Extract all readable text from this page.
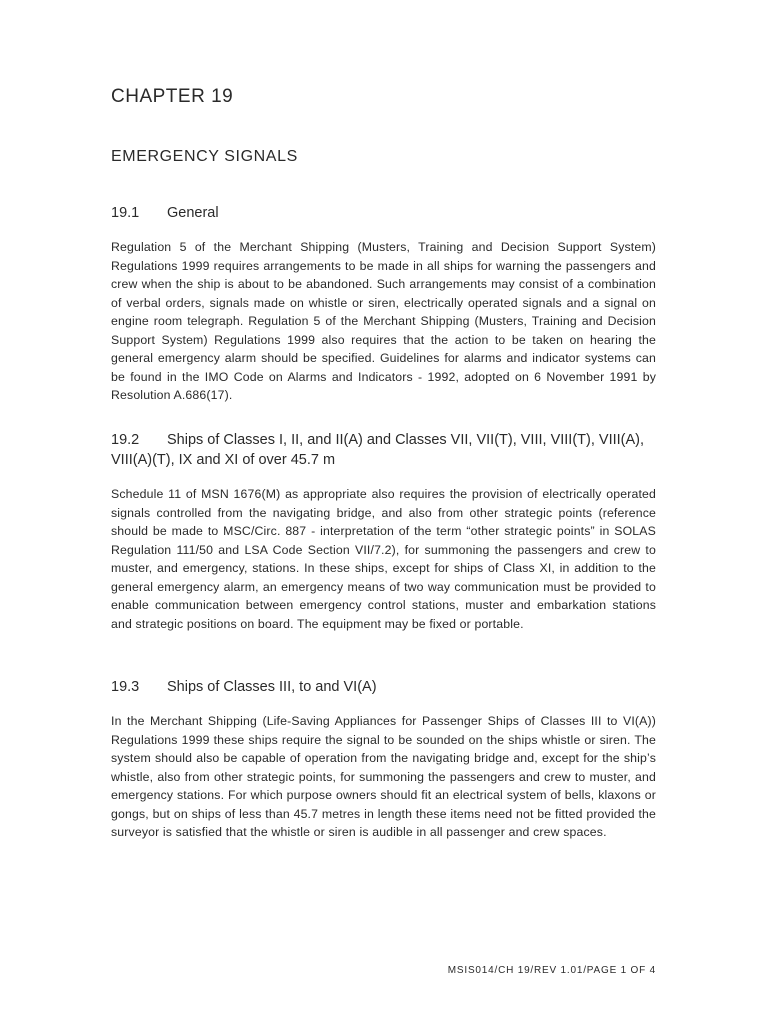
CHAPTER 19
EMERGENCY SIGNALS
19.1 General

Regulation 5 of the Merchant Shipping (Musters, Training and Decision Support System) Regulations 1999 requires arrangements to be made in all ships for warning the passengers and crew when the ship is about to be abandoned. Such arrangements may consist of a combination of verbal orders, signals made on whistle or siren, electrically operated signals and a signal on engine room telegraph. Regulation 5 of the Merchant Shipping (Musters, Training and Decision Support System) Regulations 1999 also requires that the action to be taken on hearing the general emergency alarm should be specified. Guidelines for alarms and indicator systems can be found in the IMO Code on Alarms and Indicators - 1992, adopted on 6 November 1991 by Resolution A.686(17).

19.2 Ships of Classes I, II, and II(A) and Classes VII, VII(T), VIII, VIII(T), VIII(A), VIII(A)(T), IX and XI of over 45.7 m

Schedule 11 of MSN 1676(M) as appropriate also requires the provision of electrically operated signals controlled from the navigating bridge, and also from other strategic points (reference should be made to MSC/Circ. 887 - interpretation of the term “other strategic points” in SOLAS Regulation 111/50 and LSA Code Section VII/7.2), for summoning the passengers and crew to muster, and emergency, stations. In these ships, except for ships of Class XI, in addition to the general emergency alarm, an emergency means of two way communication must be provided to enable communication between emergency control stations, muster and embarkation stations and strategic positions on board. The equipment may be fixed or portable.

19.3 Ships of Classes III, to and VI(A)

In the Merchant Shipping (Life-Saving Appliances for Passenger Ships of Classes III to VI(A)) Regulations 1999 these ships require the signal to be sounded on the ships whistle or siren. The system should also be capable of operation from the navigating bridge and, except for the ship’s whistle, also from other strategic points, for summoning the passengers and crew to muster, and emergency stations. For which purpose owners should fit an electrical system of bells, klaxons or gongs, but on ships of less than 45.7 metres in length these items need not be fitted provided the surveyor is satisfied that the whistle or siren is audible in all passenger and crew spaces.

MSIS014/CH 19/REV 1.01/PAGE 1 OF 4
